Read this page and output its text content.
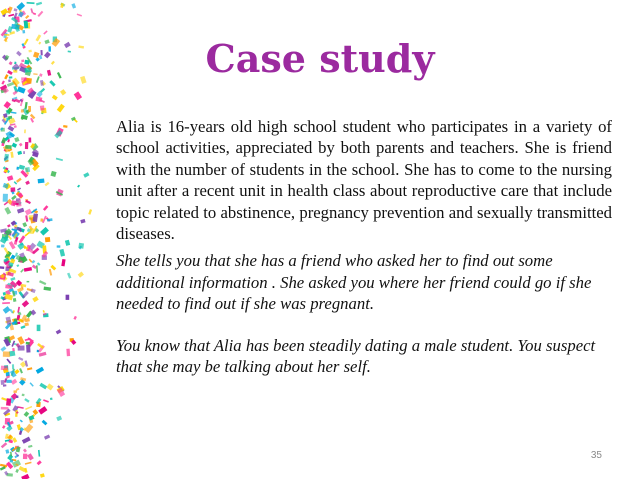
Case study

Alia is 16-years old high school student who participates in a variety of school activities, appreciated by both parents and teachers. She is friend with the number of students in the school. She has to come to the nursing unit after a recent unit in health class about reproductive care that include topic related to abstinence, pregnancy prevention and sexually transmitted diseases.

She tells you that she has a friend who asked her to find out some additional information . She asked you where her friend could go if she needed to find out if she was pregnant.

You know that Alia has been steadily dating a male student. You suspect that she may be talking about her self.

35
